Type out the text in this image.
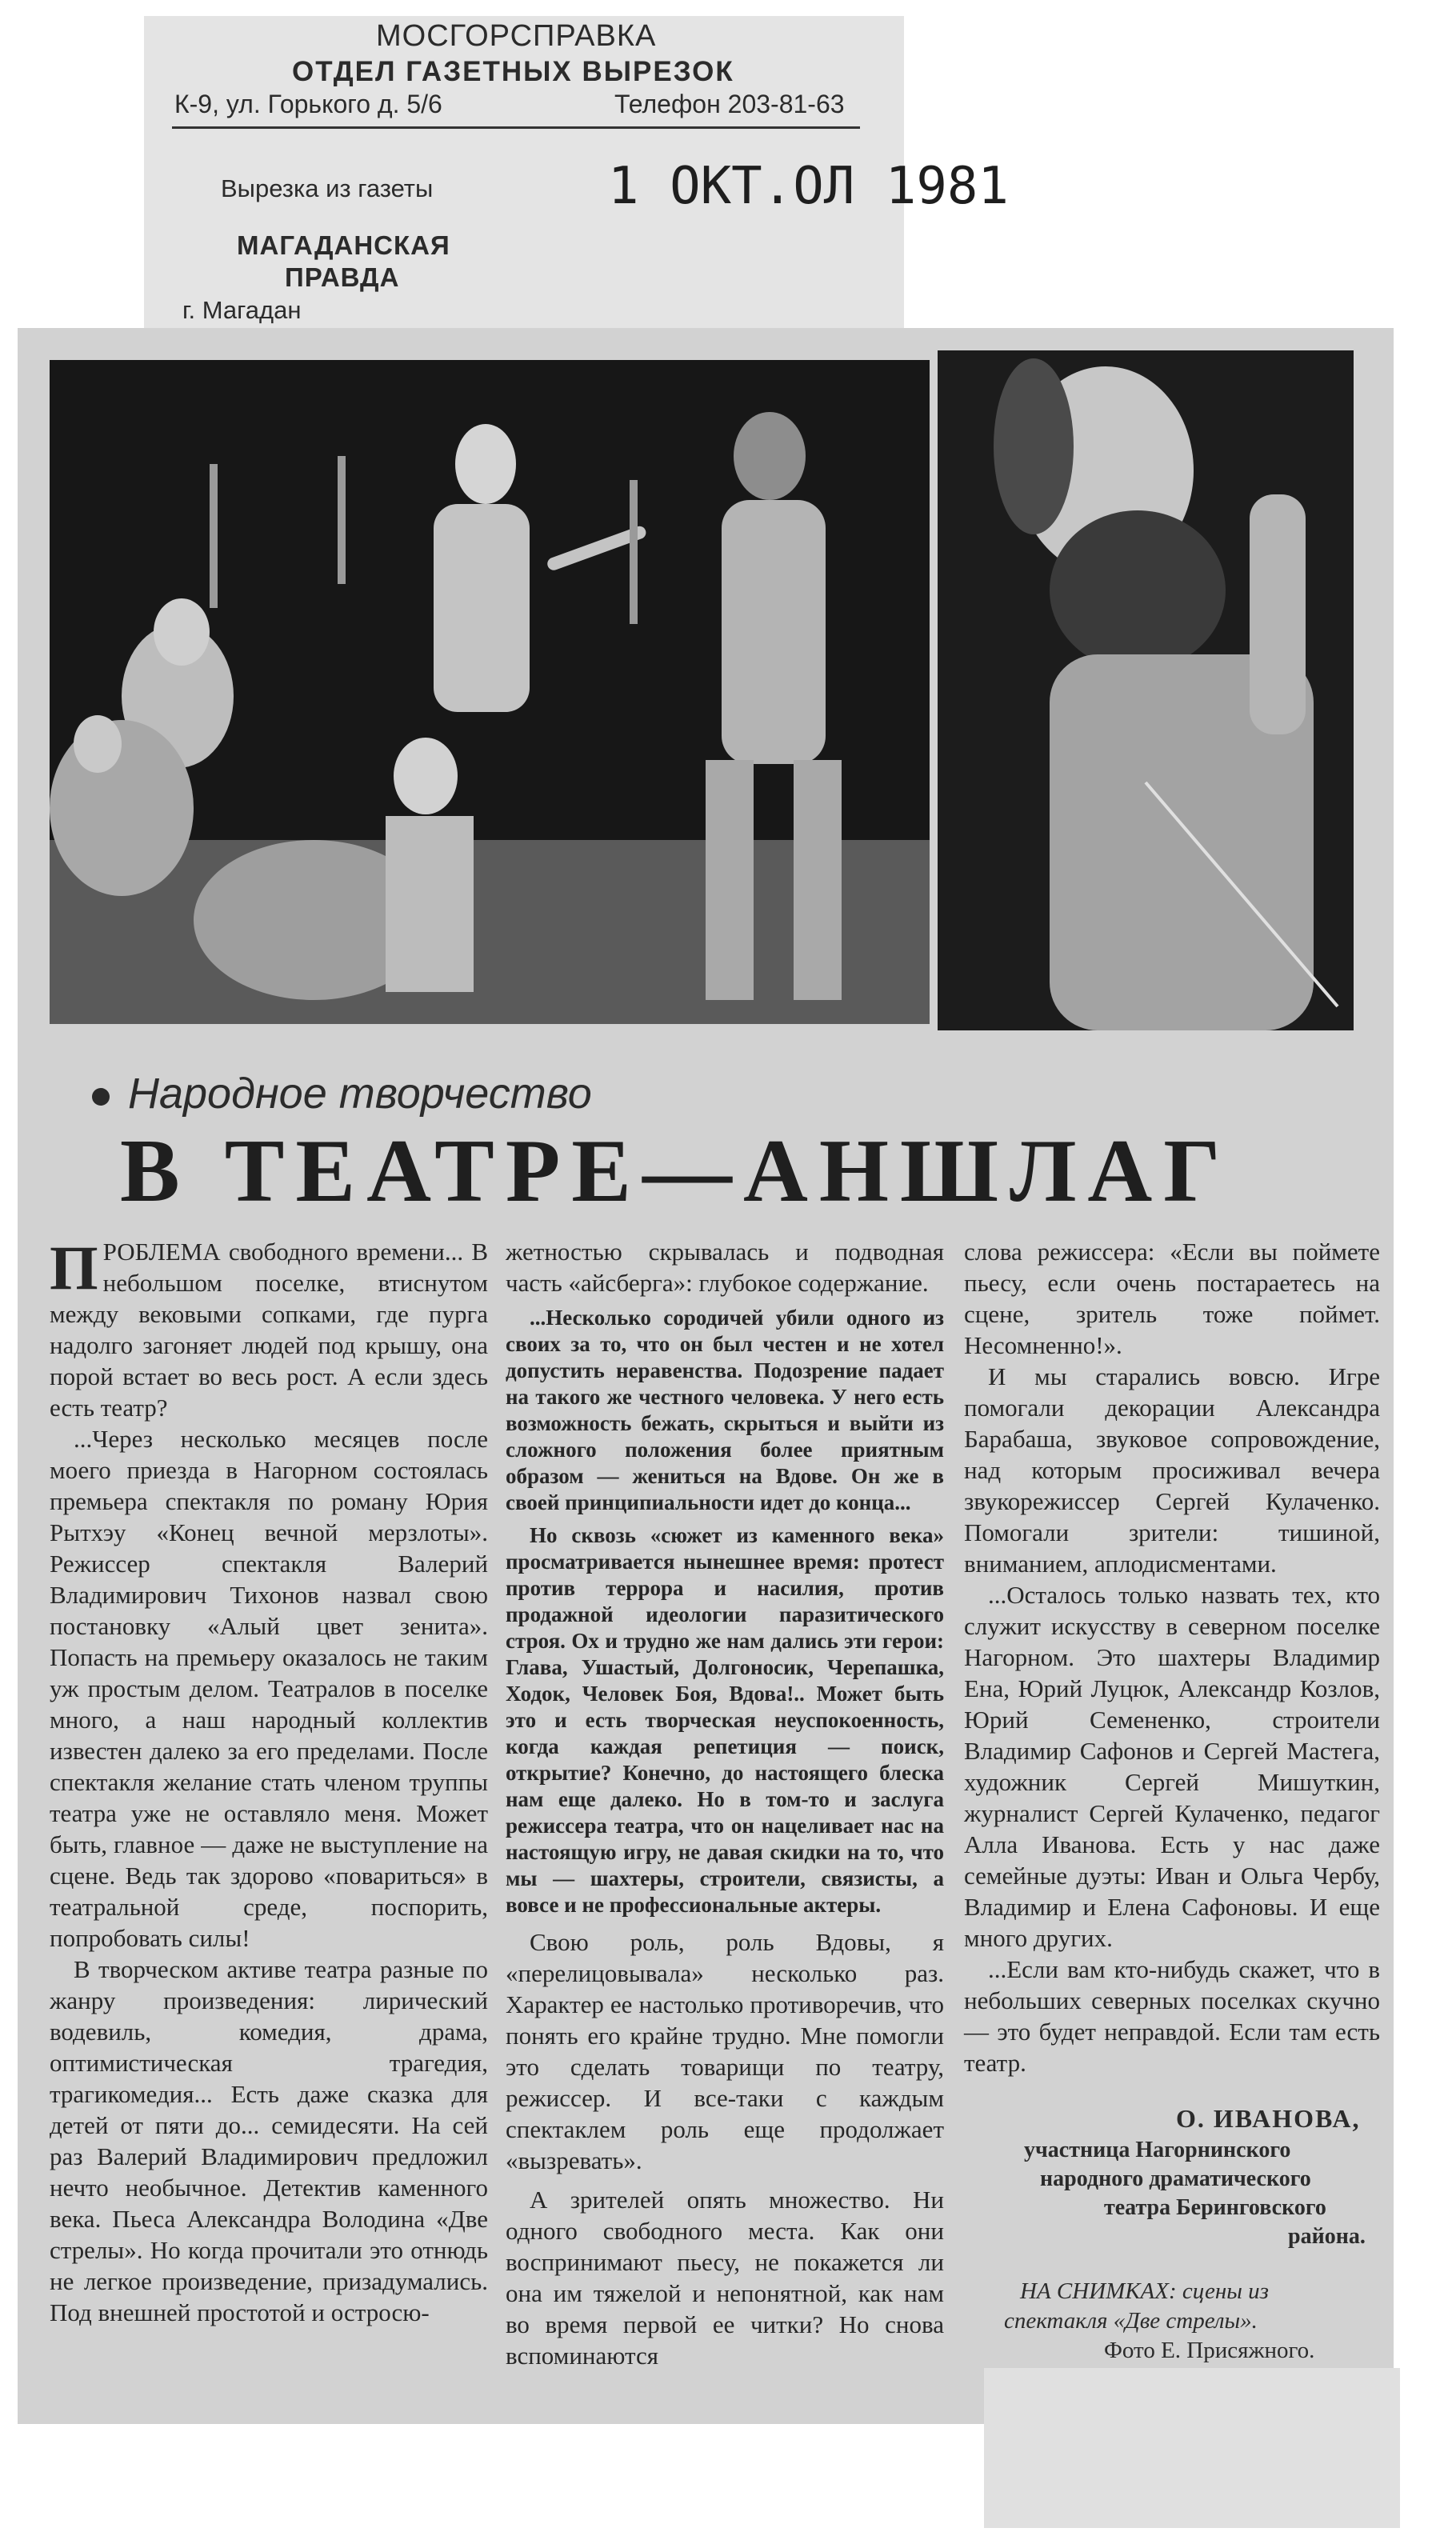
МОСГОРСПРАВКА
ОТДЕЛ ГАЗЕТНЫХ ВЫРЕЗОК
К-9, ул. Горького д. 5/6	Телефон 203-81-63
Вырезка из газеты	1 ОКТ.ОЛ 1981
МАГАДАНСКАЯ
ПРАВДА
г. Магадан
Народное творчество
В ТЕАТРЕ—АНШЛАГ

ПРОБЛЕМА свободного времени... В небольшом поселке, втиснутом между вековыми сопками, где пурга надолго загоняет людей под крышу, она порой встает во весь рост. А если здесь есть театр?

...Через несколько месяцев после моего приезда в Нагорном состоялась премьера спектакля по роману Юрия Рытхэу «Конец вечной мерзлоты». Режиссер спектакля Валерий Владимирович Тихонов назвал свою постановку «Алый цвет зенита». Попасть на премьеру оказалось не таким уж простым делом. Театралов в поселке много, а наш народный коллектив известен далеко за его пределами. После спектакля желание стать членом труппы театра уже не оставляло меня. Может быть, главное — даже не выступление на сцене. Ведь так здорово «повариться» в театральной среде, поспорить, попробовать силы!

В творческом активе театра разные по жанру произведения: лирический водевиль, комедия, драма, оптимистическая трагедия, трагикомедия... Есть даже сказка для детей от пяти до... семидесяти. На сей раз Валерий Владимирович предложил нечто необычное. Детектив каменного века. Пьеса Александра Володина «Две стрелы». Но когда прочитали это отнюдь не легкое произведение, призадумались. Под внешней простотой и остросю-

жетностью скрывалась и подводная часть «айсберга»: глубокое содержание.

...Несколько сородичей убили одного из своих за то, что он был честен и не хотел допустить неравенства. Подозрение падает на такого же честного человека. У него есть возможность бежать, скрыться и выйти из сложного положения более приятным образом — жениться на Вдове. Он же в своей принципиальности идет до конца...

Но сквозь «сюжет из каменного века» просматривается нынешнее время: протест против террора и насилия, против продажной идеологии паразитического строя. Ох и трудно же нам дались эти герои: Глава, Ушастый, Долгоносик, Черепашка, Ходок, Человек Боя, Вдова!.. Может быть это и есть творческая неуспокоенность, когда каждая репетиция — поиск, открытие? Конечно, до настоящего блеска нам еще далеко. Но в том-то и заслуга режиссера театра, что он нацеливает нас на настоящую игру, не давая скидки на то, что мы — шахтеры, строители, связисты, а вовсе и не профессиональные актеры.

Свою роль, роль Вдовы, я «перелицовывала» несколько раз. Характер ее настолько противоречив, что понять его крайне трудно. Мне помогли это сделать товарищи по театру, режиссер. И все-таки с каждым спектаклем роль еще продолжает «вызревать».

А зрителей опять множество. Ни одного свободного места. Как они воспринимают пьесу, не покажется ли она им тяжелой и непонятной, как нам во время первой ее читки? Но снова вспоминаются

слова режиссера: «Если вы поймете пьесу, если очень постараетесь на сцене, зритель тоже поймет. Несомненно!».

И мы старались вовсю. Игре помогали декорации Александра Барабаша, звуковое сопровождение, над которым просиживал вечера звукорежиссер Сергей Кулаченко. Помогали зрители: тишиной, вниманием, аплодисментами.

...Осталось только назвать тех, кто служит искусству в северном поселке Нагорном. Это шахтеры Владимир Ена, Юрий Луцюк, Александр Козлов, Юрий Семененко, строители Владимир Сафонов и Сергей Мастега, художник Сергей Мишуткин, журналист Сергей Кулаченко, педагог Алла Иванова. Есть у нас даже семейные дуэты: Иван и Ольга Чербу, Владимир и Елена Сафоновы. И еще много других.

...Если вам кто-нибудь скажет, что в небольших северных поселках скучно — это будет неправдой. Если там есть театр.

О. ИВАНОВА,
участница Нагорнинского
народного драматического
театра Беринговского
района.
НА СНИМКАХ: сцены из
спектакля «Две стрелы».
Фото Е. Присяжного.
